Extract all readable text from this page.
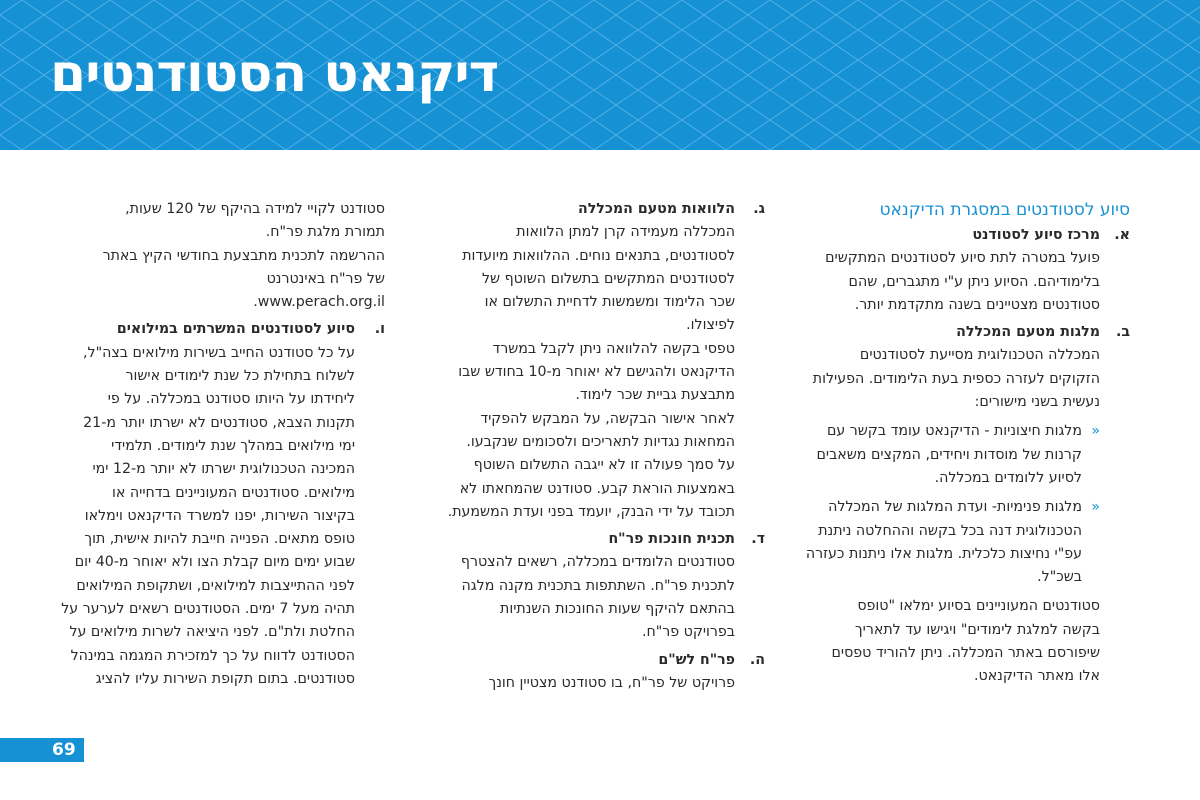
דיקנאט הסטודנטים
סיוע לסטודנטים במסגרת הדיקנאט
א.
מרכז סיוע לסטודנט
פועל במטרה לתת סיוע לסטודנטים המתקשים
בלימודיהם. הסיוע ניתן ע"י מתגברים, שהם
סטודנטים מצטיינים בשנה מתקדמת יותר.
ב.
מלגות מטעם המכללה
המכללה הטכנולוגית מסייעת לסטודנטים
הזקוקים לעזרה כספית בעת הלימודים. הפעילות
נעשית בשני מישורים:
«
מלגות חיצוניות - הדיקנאט עומד בקשר עם
קרנות של מוסדות ויחידים, המקצים משאבים
לסיוע ללומדים במכללה.
«
מלגות פנימיות- ועדת המלגות של המכללה
הטכנולוגית דנה בכל בקשה וההחלטה ניתנת
עפ"י נחיצות כלכלית. מלגות אלו ניתנות כעזרה
בשכ"ל.
סטודנטים המעוניינים בסיוע ימלאו "טופס
בקשה למלגת לימודים" ויגישו עד לתאריך
שיפורסם באתר המכללה. ניתן להוריד טפסים
אלו מאתר הדיקנאט.
ג.
הלוואות מטעם המכללה
המכללה מעמידה קרן למתן הלוואות
לסטודנטים, בתנאים נוחים. ההלוואות מיועדות
לסטודנטים המתקשים בתשלום השוטף של
שכר הלימוד ומשמשות לדחיית התשלום או
לפיצולו.
טפסי בקשה להלוואה ניתן לקבל במשרד
הדיקנאט ולהגישם לא יאוחר מ-10 בחודש שבו
מתבצעת גביית שכר לימוד.
לאחר אישור הבקשה, על המבקש להפקיד
המחאות נגדיות לתאריכים ולסכומים שנקבעו.
על סמך פעולה זו לא ייגבה התשלום השוטף
באמצעות הוראת קבע. סטודנט שהמחאתו לא
תכובד על ידי הבנק, יועמד בפני ועדת המשמעת.
ד.
תכנית חונכות פר"ח
סטודנטים הלומדים במכללה, רשאים להצטרף
לתכנית פר"ח. השתתפות בתכנית מקנה מלגה
בהתאם להיקף שעות החונכות השנתיות
בפרויקט פר"ח.
ה.
פר"ח לש"ם
פרויקט של פר"ח, בו סטודנט מצטיין חונך
סטודנט לקויי למידה בהיקף של 120 שעות,
תמורת מלגת פר"ח.
ההרשמה לתכנית מתבצעת בחודשי הקיץ באתר
של פר"ח באינטרנט
www.perach.org.il.
ו.
סיוע לסטודנטים המשרתים במילואים
על כל סטודנט החייב בשירות מילואים בצה"ל,
לשלוח בתחילת כל שנת לימודים אישור
ליחידתו על היותו סטודנט במכללה. על פי
תקנות הצבא, סטודנטים לא ישרתו יותר מ-21
ימי מילואים במהלך שנת לימודים. תלמידי
המכינה הטכנולוגית ישרתו לא יותר מ-12 ימי
מילואים. סטודנטים המעוניינים בדחייה או
בקיצור השירות, יפנו למשרד הדיקנאט וימלאו
טופס מתאים. הפנייה חייבת להיות אישית, תוך
שבוע ימים מיום קבלת הצו ולא יאוחר מ-40 יום
לפני ההתייצבות למילואים, ושתקופת המילואים
תהיה מעל 7 ימים. הסטודנטים רשאים לערער על
החלטת ולת"ם. לפני היציאה לשרות מילואים על
הסטודנט לדווח על כך למזכירת המגמה במינהל
סטודנטים. בתום תקופת השירות עליו להציג
69
